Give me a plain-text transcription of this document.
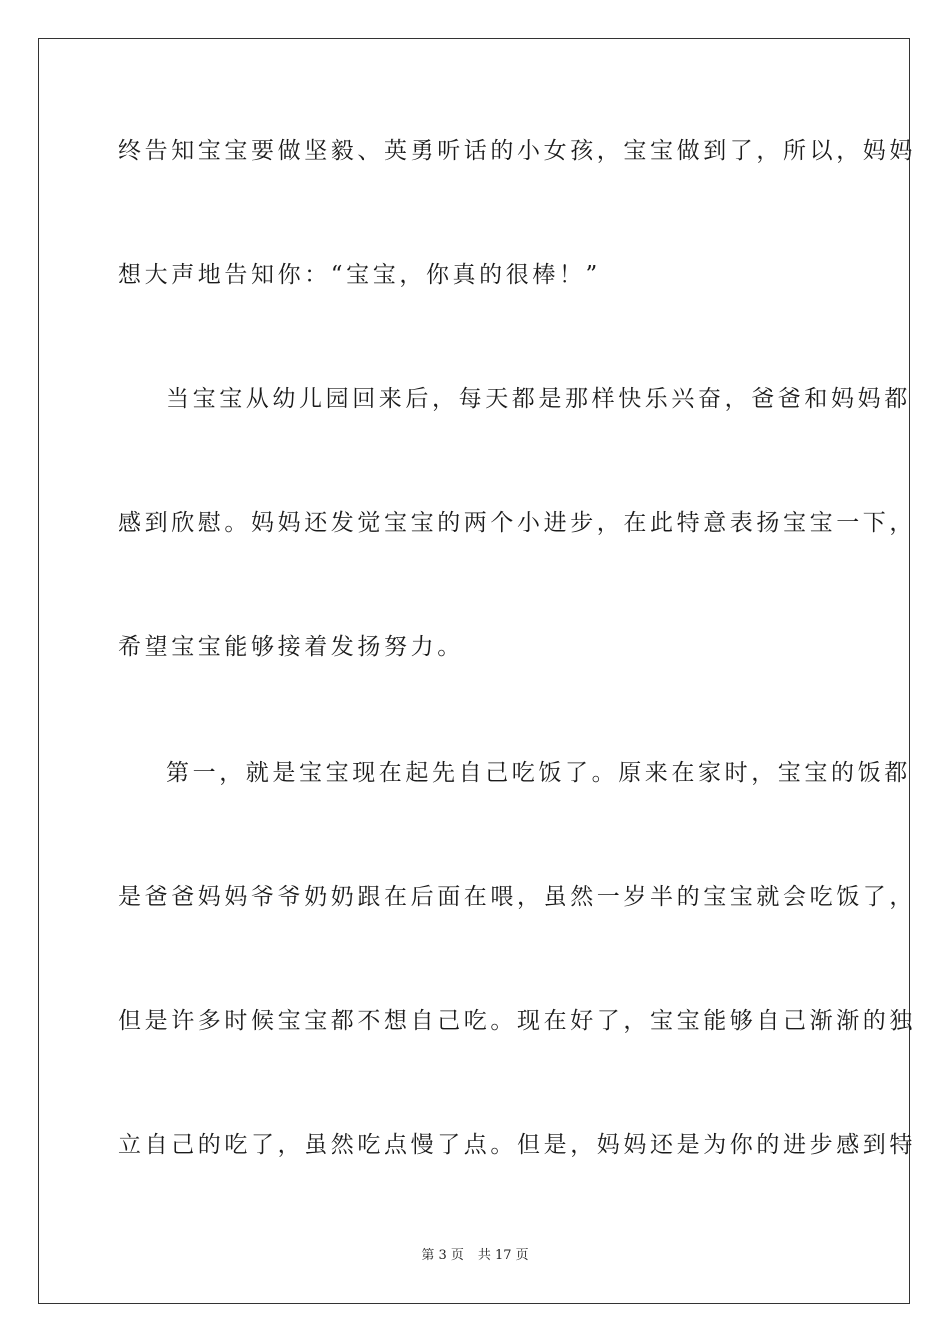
终告知宝宝要做坚毅、英勇听话的小女孩，宝宝做到了，所以，妈妈
想大声地告知你：“宝宝，你真的很棒！”
当宝宝从幼儿园回来后，每天都是那样快乐兴奋，爸爸和妈妈都
感到欣慰。妈妈还发觉宝宝的两个小进步，在此特意表扬宝宝一下，
希望宝宝能够接着发扬努力。
第一，就是宝宝现在起先自己吃饭了。原来在家时，宝宝的饭都
是爸爸妈妈爷爷奶奶跟在后面在喂，虽然一岁半的宝宝就会吃饭了，
但是许多时候宝宝都不想自己吃。现在好了，宝宝能够自己渐渐的独
立自己的吃了，虽然吃点慢了点。但是，妈妈还是为你的进步感到特
第 3 页 共 17 页
